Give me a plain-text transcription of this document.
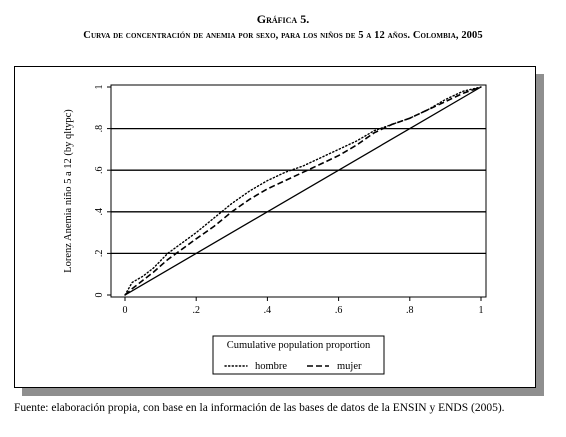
Gráfica 5.
Curva de concentración de anemia por sexo, para los niños de 5 a 12 años. Colombia, 2005
0
.2
.4
.6
.8
1
0	.2	.4	.6	.8	1
Lorenz Anemia niño 5 a 12 (by qltypc)
Cumulative population proportion
hombre	mujer
Fuente: elaboración propia, con base en la información de las bases de datos de la ENSIN y ENDS (2005).
